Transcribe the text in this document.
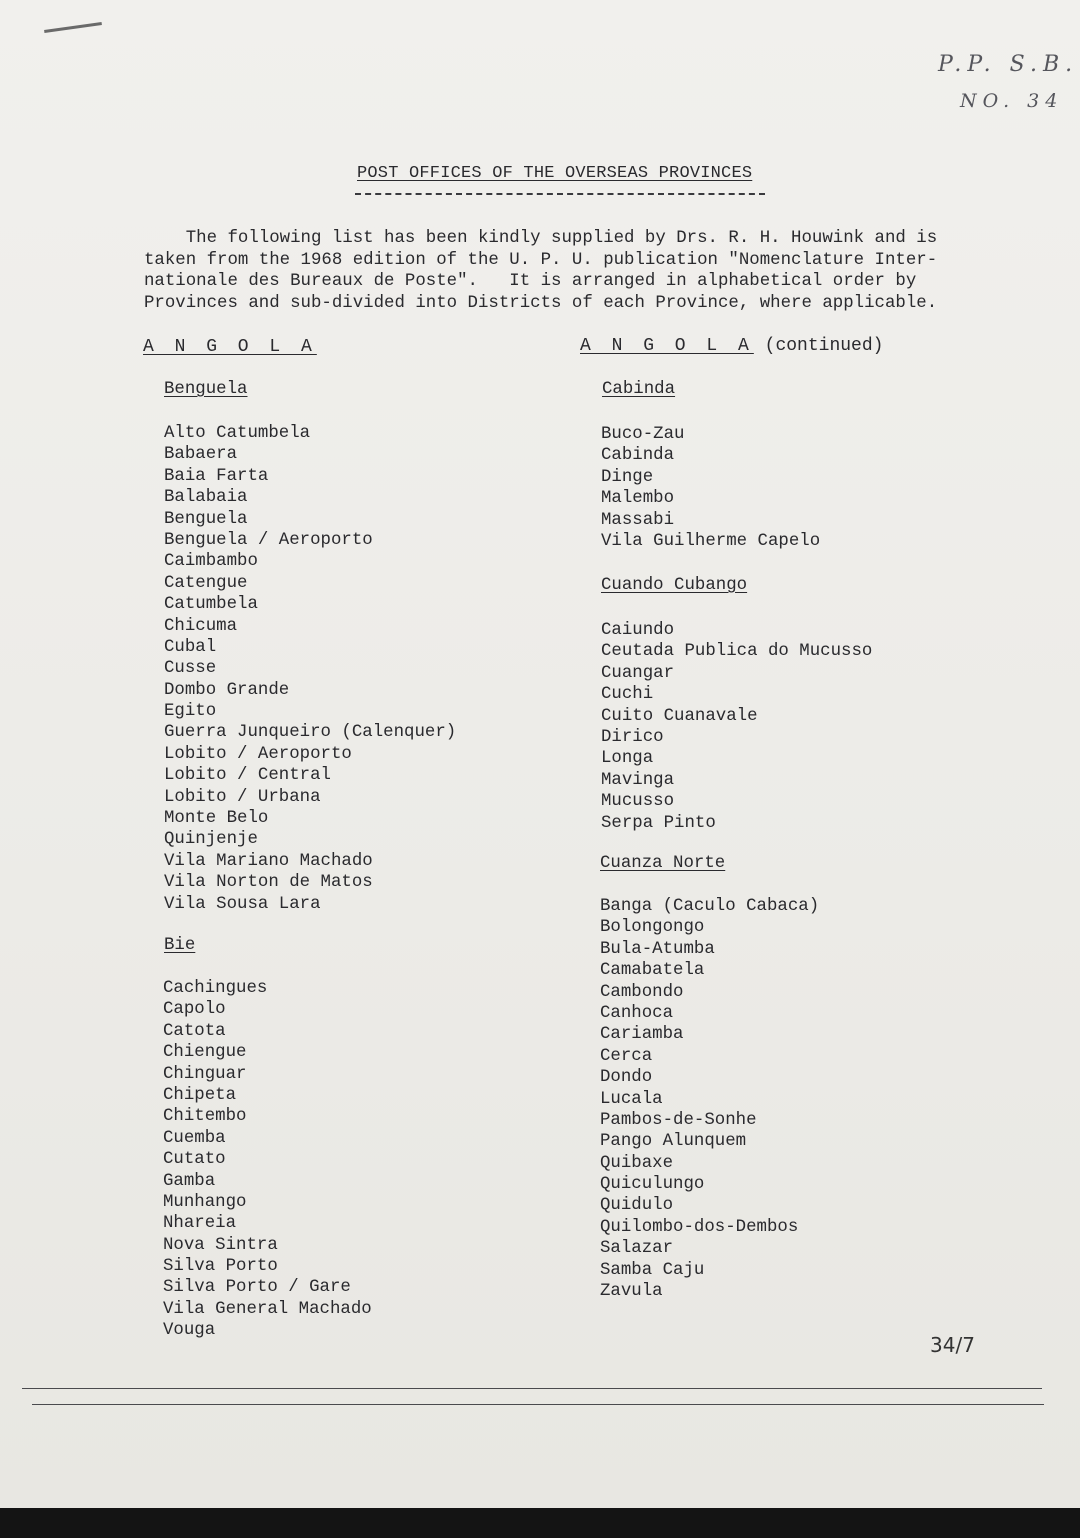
P.P. S.B.
NO. 34
POST OFFICES OF THE OVERSEAS PROVINCES
The following list has been kindly supplied by Drs. R. H. Houwink and is
taken from the 1968 edition of the U. P. U. publication "Nomenclature Inter-
nationale des Bureaux de Poste".   It is arranged in alphabetical order by
Provinces and sub-divided into Districts of each Province, where applicable.
A N G O L A
Benguela
Alto Catumbela
Babaera
Baia Farta
Balabaia
Benguela
Benguela / Aeroporto
Caimbambo
Catengue
Catumbela
Chicuma
Cubal
Cusse
Dombo Grande
Egito
Guerra Junqueiro (Calenquer)
Lobito / Aeroporto
Lobito / Central
Lobito / Urbana
Monte Belo
Quinjenje
Vila Mariano Machado
Vila Norton de Matos
Vila Sousa Lara
Bie
Cachingues
Capolo
Catota
Chiengue
Chinguar
Chipeta
Chitembo
Cuemba
Cutato
Gamba
Munhango
Nhareia
Nova Sintra
Silva Porto
Silva Porto / Gare
Vila General Machado
Vouga
A N G O L A (continued)
Cabinda
Buco-Zau
Cabinda
Dinge
Malembo
Massabi
Vila Guilherme Capelo
Cuando Cubango
Caiundo
Ceutada Publica do Mucusso
Cuangar
Cuchi
Cuito Cuanavale
Dirico
Longa
Mavinga
Mucusso
Serpa Pinto
Cuanza Norte
Banga (Caculo Cabaca)
Bolongongo
Bula-Atumba
Camabatela
Cambondo
Canhoca
Cariamba
Cerca
Dondo
Lucala
Pambos-de-Sonhe
Pango Alunquem
Quibaxe
Quiculungo
Quidulo
Quilombo-dos-Dembos
Salazar
Samba Caju
Zavula
34/7
